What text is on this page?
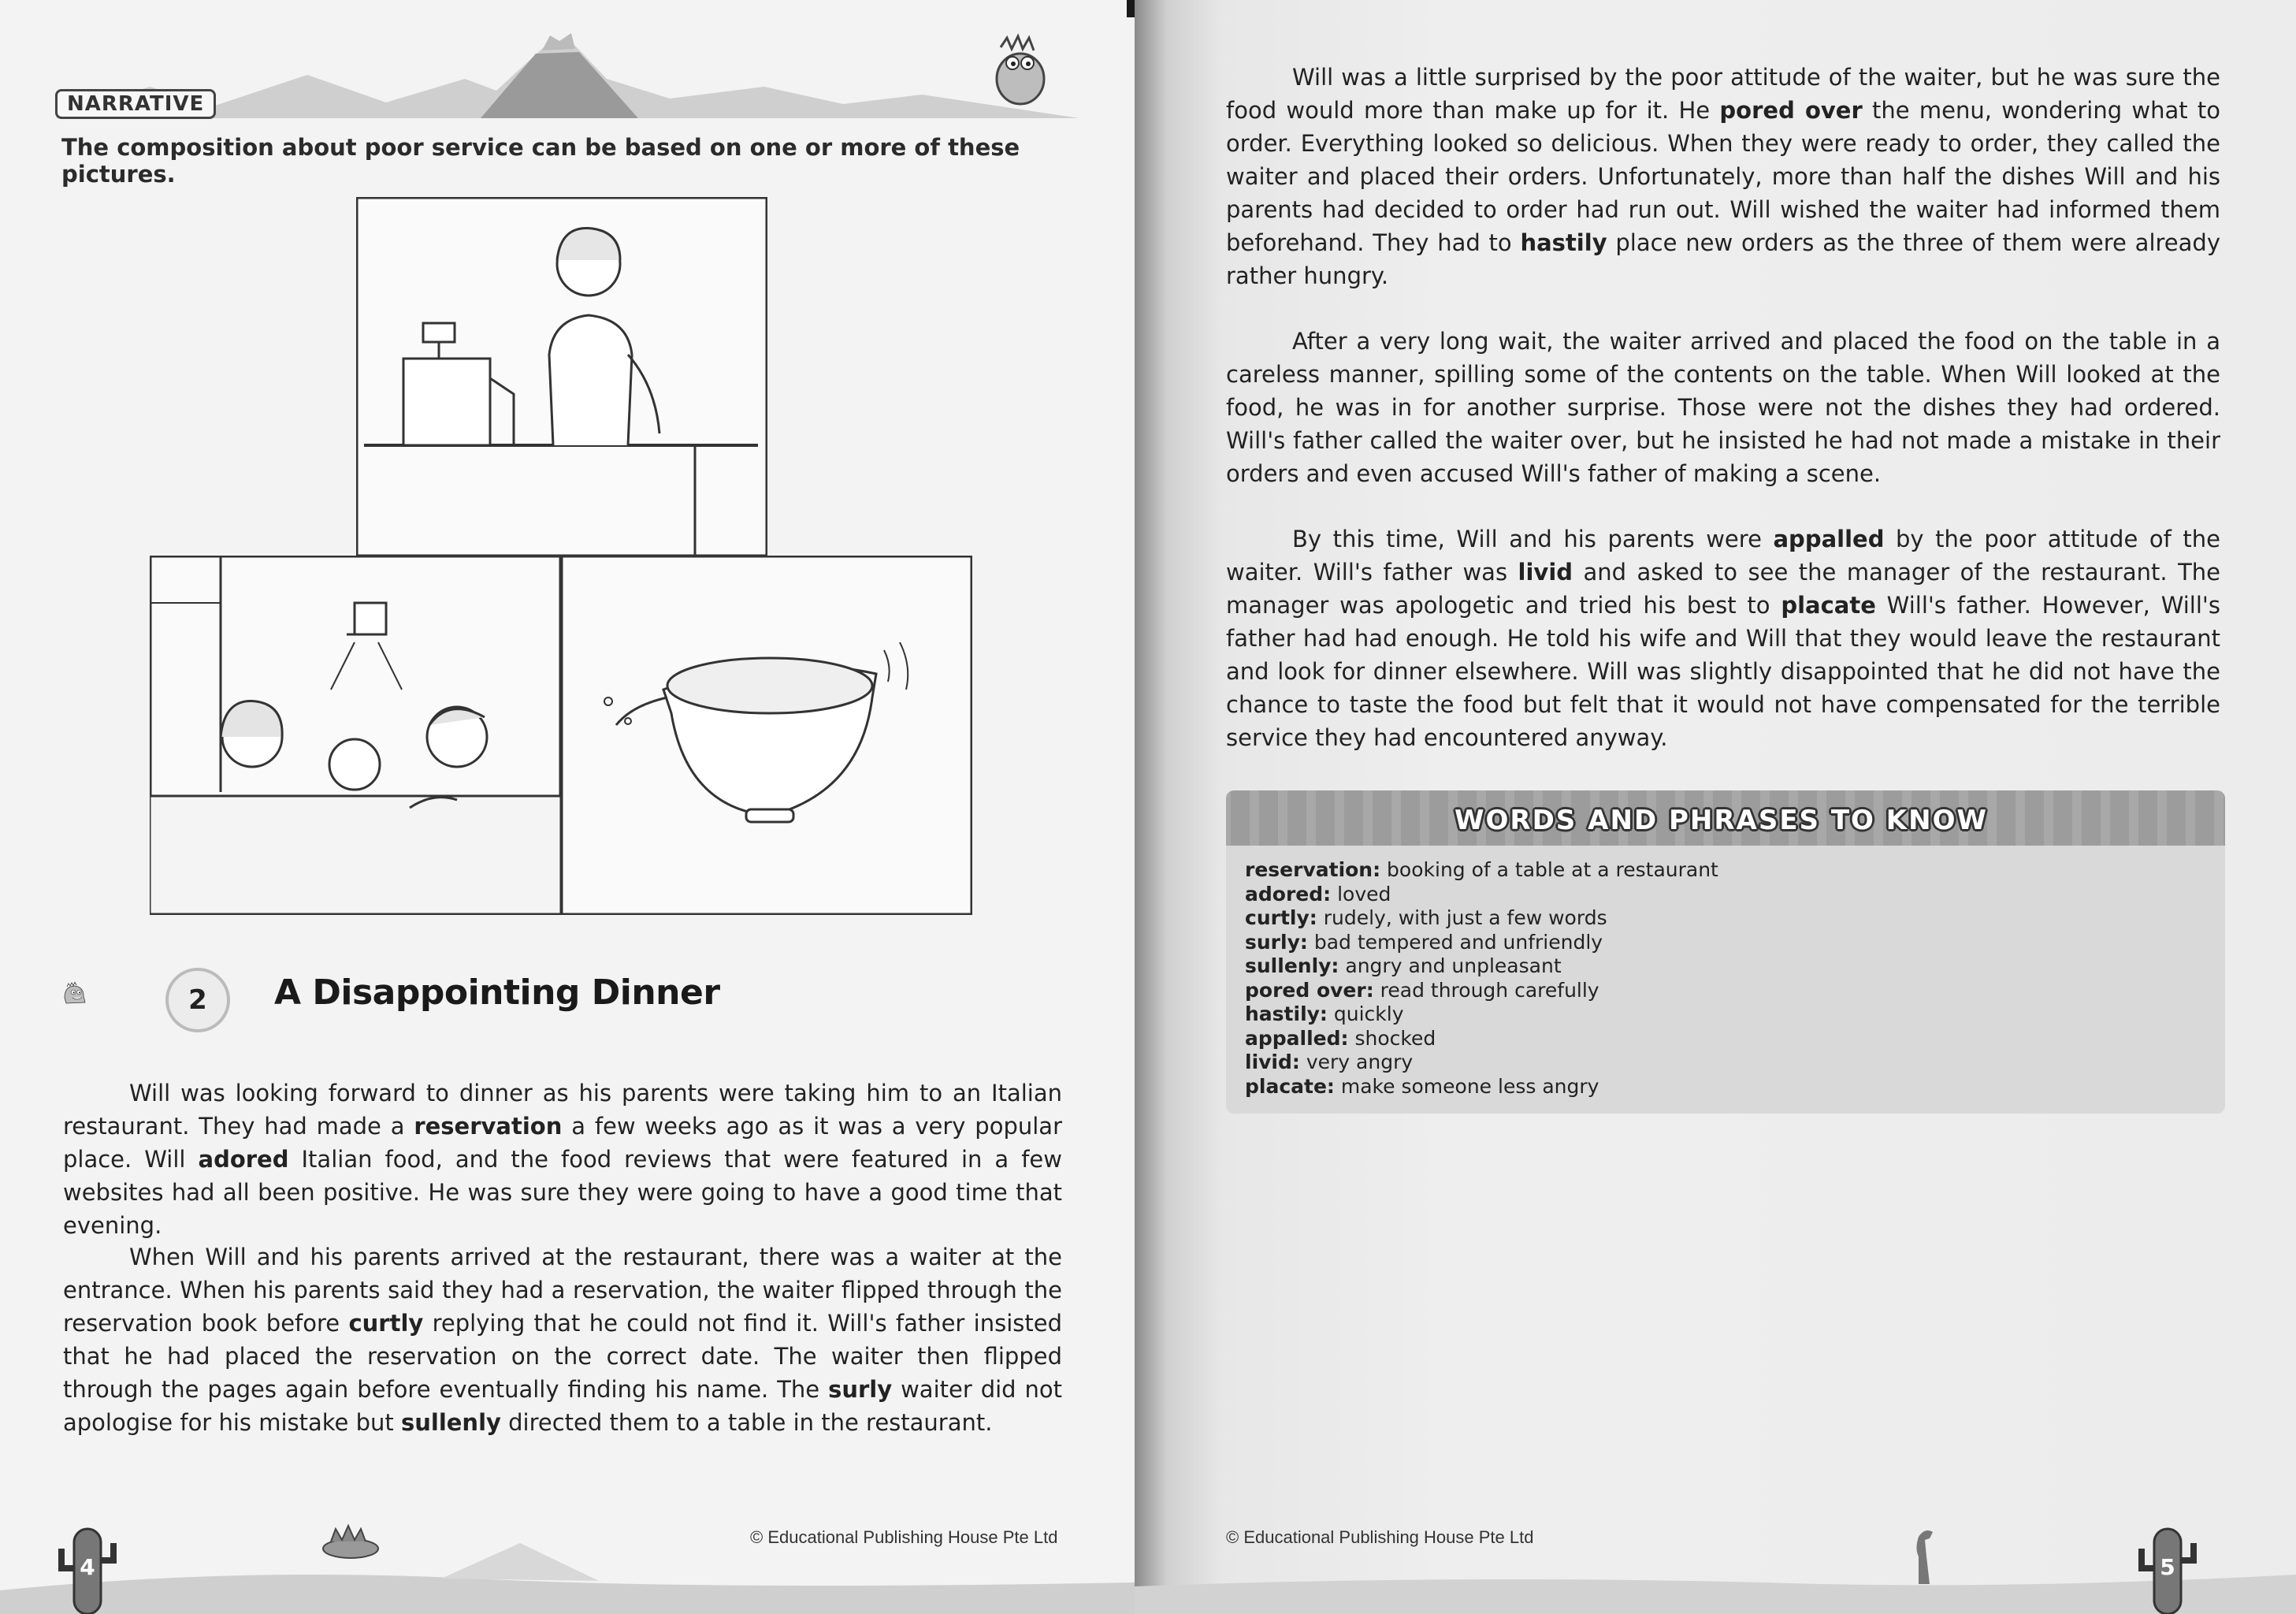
NARRATIVE
The composition about poor service can be based on one or more of these pictures.
2	A Disappointing Dinner

Will was looking forward to dinner as his parents were taking him to an Italian restaurant. They had made a reservation a few weeks ago as it was a very popular place. Will adored Italian food, and the food reviews that were featured in a few websites had all been positive. He was sure they were going to have a good time that evening.

When Will and his parents arrived at the restaurant, there was a waiter at the entrance. When his parents said they had a reservation, the waiter flipped through the reservation book before curtly replying that he could not find it. Will's father insisted that he had placed the reservation on the correct date. The waiter then flipped through the pages again before eventually finding his name. The surly waiter did not apologise for his mistake but sullenly directed them to a table in the restaurant.

© Educational Publishing House Pte Ltd
4

Will was a little surprised by the poor attitude of the waiter, but he was sure the food would more than make up for it. He pored over the menu, wondering what to order. Everything looked so delicious. When they were ready to order, they called the waiter and placed their orders. Unfortunately, more than half the dishes Will and his parents had decided to order had run out. Will wished the waiter had informed them beforehand. They had to hastily place new orders as the three of them were already rather hungry.

After a very long wait, the waiter arrived and placed the food on the table in a careless manner, spilling some of the contents on the table. When Will looked at the food, he was in for another surprise. Those were not the dishes they had ordered. Will's father called the waiter over, but he insisted he had not made a mistake in their orders and even accused Will's father of making a scene.

By this time, Will and his parents were appalled by the poor attitude of the waiter. Will's father was livid and asked to see the manager of the restaurant. The manager was apologetic and tried his best to placate Will's father. However, Will's father had had enough. He told his wife and Will that they would leave the restaurant and look for dinner elsewhere. Will was slightly disappointed that he did not have the chance to taste the food but felt that it would not have compensated for the terrible service they had encountered anyway.

WORDS AND PHRASES TO KNOW
reservation: booking of a table at a restaurant
adored: loved
curtly: rudely, with just a few words
surly: bad tempered and unfriendly
sullenly: angry and unpleasant
pored over: read through carefully
hastily: quickly
appalled: shocked
livid: very angry
placate: make someone less angry
© Educational Publishing House Pte Ltd
5
